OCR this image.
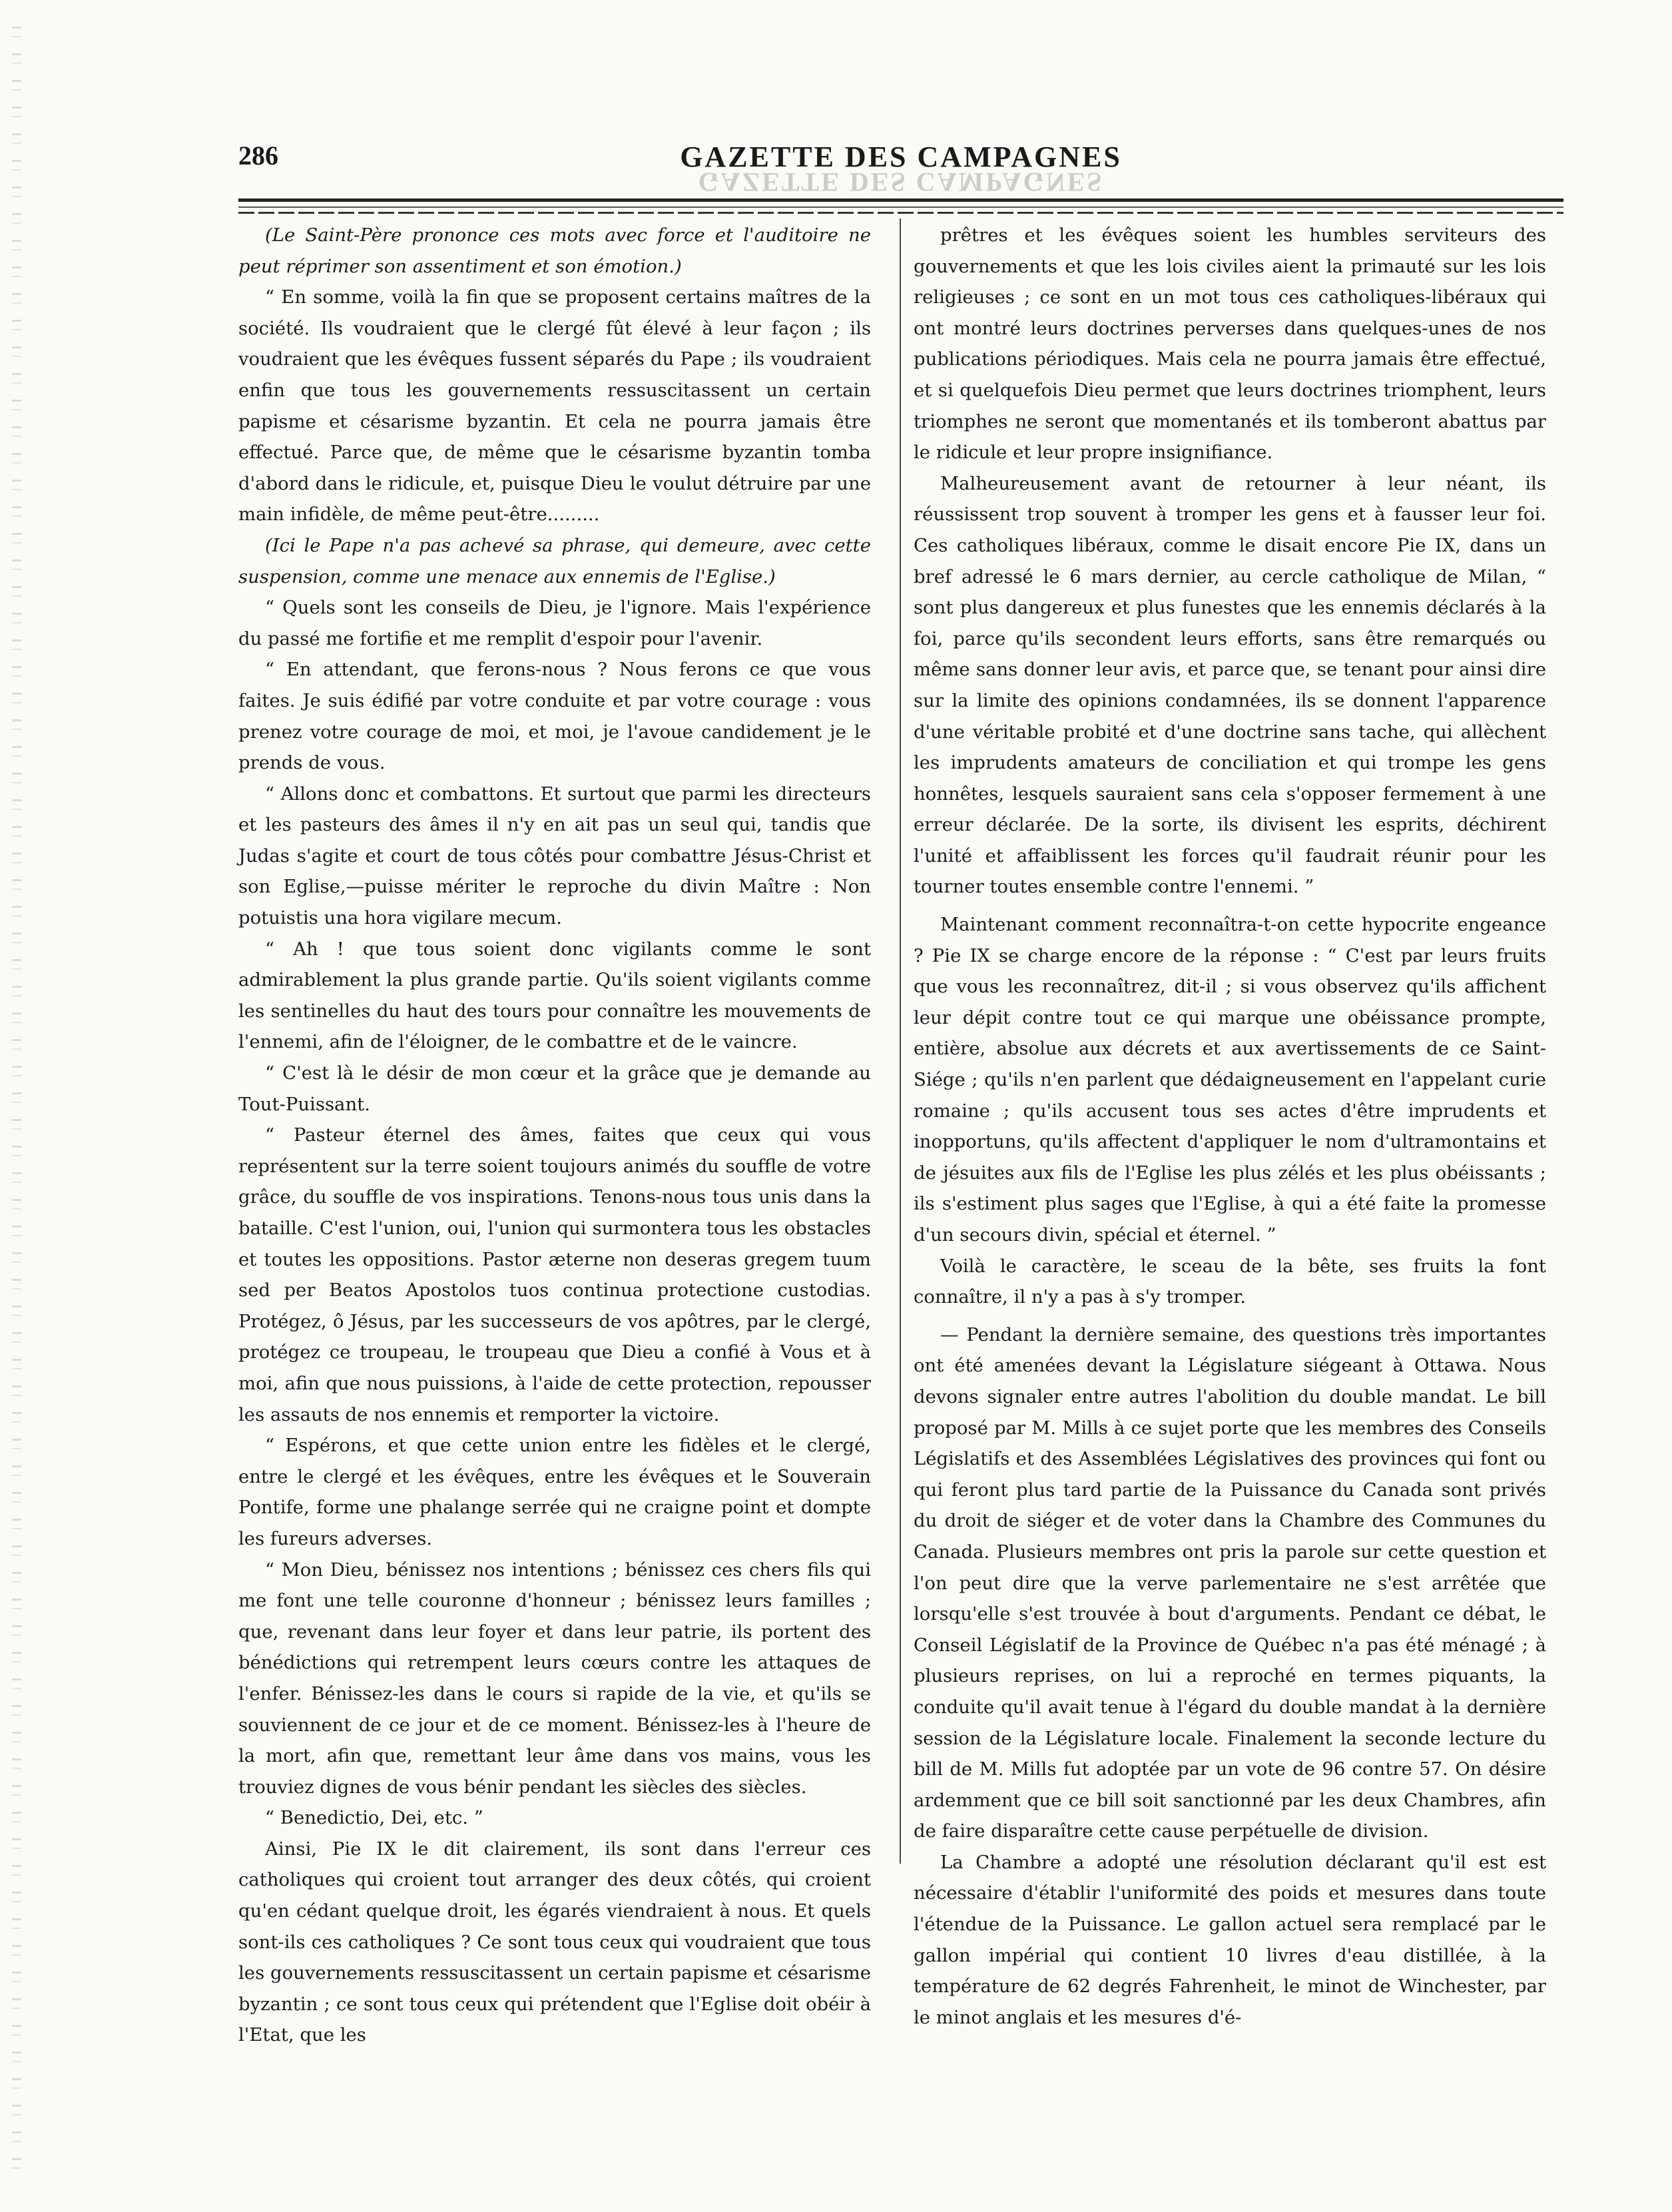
286	GAZETTE DES CAMPAGNES
GAZETTE DES CAMPAGNES

(Le Saint-Père prononce ces mots avec force et l'auditoire ne peut réprimer son assentiment et son émotion.)

“ En somme, voilà la fin que se proposent certains maîtres de la société. Ils voudraient que le clergé fût élevé à leur façon ; ils voudraient que les évêques fussent séparés du Pape ; ils voudraient enfin que tous les gouvernements ressuscitassent un certain papisme et césarisme byzantin. Et cela ne pourra jamais être effectué. Parce que, de même que le césarisme byzantin tomba d'abord dans le ridicule, et, puisque Dieu le voulut détruire par une main infidèle, de même peut-être.........

(Ici le Pape n'a pas achevé sa phrase, qui demeure, avec cette suspension, comme une menace aux ennemis de l'Eglise.)

“ Quels sont les conseils de Dieu, je l'ignore. Mais l'expérience du passé me fortifie et me remplit d'espoir pour l'avenir.

“ En attendant, que ferons-nous ? Nous ferons ce que vous faites. Je suis édifié par votre conduite et par votre courage : vous prenez votre courage de moi, et moi, je l'avoue candidement je le prends de vous.

“ Allons donc et combattons. Et surtout que parmi les directeurs et les pasteurs des âmes il n'y en ait pas un seul qui, tandis que Judas s'agite et court de tous côtés pour combattre Jésus-Christ et son Eglise,—puisse mériter le reproche du divin Maître : Non potuistis una hora vigilare mecum.

“ Ah ! que tous soient donc vigilants comme le sont admirablement la plus grande partie. Qu'ils soient vigilants comme les sentinelles du haut des tours pour connaître les mouvements de l'ennemi, afin de l'éloigner, de le combattre et de le vaincre.

“ C'est là le désir de mon cœur et la grâce que je demande au Tout-Puissant.

“ Pasteur éternel des âmes, faites que ceux qui vous représentent sur la terre soient toujours animés du souffle de votre grâce, du souffle de vos inspirations. Tenons-nous tous unis dans la bataille. C'est l'union, oui, l'union qui surmontera tous les obstacles et toutes les oppositions. Pastor æterne non deseras gregem tuum sed per Beatos Apostolos tuos continua protectione custodias. Protégez, ô Jésus, par les successeurs de vos apôtres, par le clergé, protégez ce troupeau, le troupeau que Dieu a confié à Vous et à moi, afin que nous puissions, à l'aide de cette protection, repousser les assauts de nos ennemis et remporter la victoire.

“ Espérons, et que cette union entre les fidèles et le clergé, entre le clergé et les évêques, entre les évêques et le Souverain Pontife, forme une phalange serrée qui ne craigne point et dompte les fureurs adverses.

“ Mon Dieu, bénissez nos intentions ; bénissez ces chers fils qui me font une telle couronne d'honneur ; bénissez leurs familles ; que, revenant dans leur foyer et dans leur patrie, ils portent des bénédictions qui retrempent leurs cœurs contre les attaques de l'enfer. Bénissez-les dans le cours si rapide de la vie, et qu'ils se souviennent de ce jour et de ce moment. Bénissez-les à l'heure de la mort, afin que, remettant leur âme dans vos mains, vous les trouviez dignes de vous bénir pendant les siècles des siècles.

“ Benedictio, Dei, etc. ”

Ainsi, Pie IX le dit clairement, ils sont dans l'erreur ces catholiques qui croient tout arranger des deux côtés, qui croient qu'en cédant quelque droit, les égarés viendraient à nous. Et quels sont-ils ces catholiques ? Ce sont tous ceux qui voudraient que tous les gouvernements ressuscitassent un certain papisme et césarisme byzantin ; ce sont tous ceux qui prétendent que l'Eglise doit obéir à l'Etat, que les

prêtres et les évêques soient les humbles serviteurs des gouvernements et que les lois civiles aient la primauté sur les lois religieuses ; ce sont en un mot tous ces catholiques-libéraux qui ont montré leurs doctrines perverses dans quelques-unes de nos publications périodiques. Mais cela ne pourra jamais être effectué, et si quelquefois Dieu permet que leurs doctrines triomphent, leurs triomphes ne seront que momentanés et ils tomberont abattus par le ridicule et leur propre insignifiance.

Malheureusement avant de retourner à leur néant, ils réussissent trop souvent à tromper les gens et à fausser leur foi. Ces catholiques libéraux, comme le disait encore Pie IX, dans un bref adressé le 6 mars dernier, au cercle catholique de Milan, “ sont plus dangereux et plus funestes que les ennemis déclarés à la foi, parce qu'ils secondent leurs efforts, sans être remarqués ou même sans donner leur avis, et parce que, se tenant pour ainsi dire sur la limite des opinions condamnées, ils se donnent l'apparence d'une véritable probité et d'une doctrine sans tache, qui allèchent les imprudents amateurs de conciliation et qui trompe les gens honnêtes, lesquels sauraient sans cela s'opposer fermement à une erreur déclarée. De la sorte, ils divisent les esprits, déchirent l'unité et affaiblissent les forces qu'il faudrait réunir pour les tourner toutes ensemble contre l'ennemi. ”

Maintenant comment reconnaîtra-t-on cette hypocrite engeance ? Pie IX se charge encore de la réponse : “ C'est par leurs fruits que vous les reconnaîtrez, dit-il ; si vous observez qu'ils affichent leur dépit contre tout ce qui marque une obéissance prompte, entière, absolue aux décrets et aux avertissements de ce Saint-Siége ; qu'ils n'en parlent que dédaigneusement en l'appelant curie romaine ; qu'ils accusent tous ses actes d'être imprudents et inopportuns, qu'ils affectent d'appliquer le nom d'ultramontains et de jésuites aux fils de l'Eglise les plus zélés et les plus obéissants ; ils s'estiment plus sages que l'Eglise, à qui a été faite la promesse d'un secours divin, spécial et éternel. ”

Voilà le caractère, le sceau de la bête, ses fruits la font connaître, il n'y a pas à s'y tromper.

— Pendant la dernière semaine, des questions très importantes ont été amenées devant la Législature siégeant à Ottawa. Nous devons signaler entre autres l'abolition du double mandat. Le bill proposé par M. Mills à ce sujet porte que les membres des Conseils Législatifs et des Assemblées Législatives des provinces qui font ou qui feront plus tard partie de la Puissance du Canada sont privés du droit de siéger et de voter dans la Chambre des Communes du Canada. Plusieurs membres ont pris la parole sur cette question et l'on peut dire que la verve parlementaire ne s'est arrêtée que lorsqu'elle s'est trouvée à bout d'arguments. Pendant ce débat, le Conseil Législatif de la Province de Québec n'a pas été ménagé ; à plusieurs reprises, on lui a reproché en termes piquants, la conduite qu'il avait tenue à l'égard du double mandat à la dernière session de la Législature locale. Finalement la seconde lecture du bill de M. Mills fut adoptée par un vote de 96 contre 57. On désire ardemment que ce bill soit sanctionné par les deux Chambres, afin de faire disparaître cette cause perpétuelle de division.

La Chambre a adopté une résolution déclarant qu'il est est nécessaire d'établir l'uniformité des poids et mesures dans toute l'étendue de la Puissance. Le gallon actuel sera remplacé par le gallon impérial qui contient 10 livres d'eau distillée, à la température de 62 degrés Fahrenheit, le minot de Winchester, par le minot anglais et les mesures d'é-
